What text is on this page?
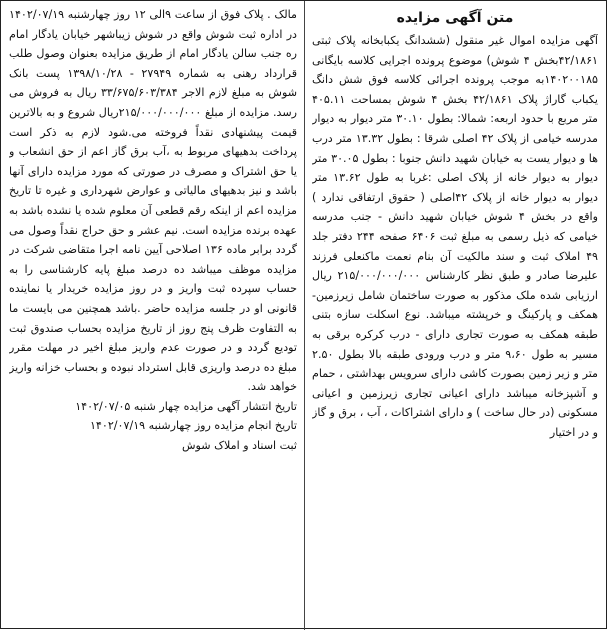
متن آگهی مزایده
آگهی مزایده اموال غیر منقول (ششدانگ یکبابخانه پلاک ثبتی ۴۲/۱۸۶۱بخش ۴ شوش) موضوع پرونده اجرایی کلاسه بایگانی ۱۴۰۲۰۰۱۸۵به موجب پرونده اجرائی کلاسه فوق شش دانگ یکباب گاراژ پلاک ۴۲/۱۸۶۱ بخش ۴ شوش بمساحت ۴۰۵.۱۱ متر مربع با حدود اربعه: شمالا: بطول ۳۰.۱۰ متر دیوار به دیوار مدرسه خیامی از پلاک ۴۲ اصلی شرقا : بطول ۱۳.۳۲ متر درب ها و دیوار یست به خیابان شهید دانش جنوبا : بطول ۳۰.۰۵ متر دیوار به دیوار خانه از پلاک اصلی :غربا به طول ۱۳.۶۲ متر دیوار به دیوار خانه از پلاک ۴۲اصلی ( حقوق ارتفاقی ندارد ) واقع در بخش ۴ شوش خیابان شهید دانش - جنب مدرسه خیامی که ذیل رسمی به مبلغ ثبت ۶۴۰۶ صفحه ۲۴۴ دفتر جلد ۴۹ املاک ثبت و سند مالکیت آن بنام نعمت ماکنعلی فرزند علیرضا صادر و طبق نظر کارشناس ۲۱۵/۰۰۰/۰۰۰/۰۰۰ ریال ارزیابی شده ملک مذکور به صورت ساختمان شامل زیرزمین- همکف و پارکینگ و خرپشته میباشد. نوع اسکلت سازه بتنی طبقه همکف به صورت تجاری دارای - درب کرکره برقی به مسیر به طول ۹،۶۰ متر و درب ورودی طبقه بالا بطول ۲.۵۰ متر و زیر زمین بصورت کاشی دارای سرویس بهداشتی ، حمام و آشپزخانه میباشد دارای اعیانی تجاری زیرزمین و اعیانی مسکونی (در حال ساخت ) و دارای اشتراکات ، آب ، برق و گاز و در اختیار
مالک . پلاک فوق از ساعت ۹الی ۱۲ روز چهارشنبه ۱۴۰۲/۰۷/۱۹ در اداره ثبت شوش واقع در شوش زیباشهر خیابان یادگار امام ره جنب سالن یادگار امام از طریق مزایده بعنوان وصول طلب قرارداد رهنی به شماره ۲۷۹۴۹ - ۱۳۹۸/۱۰/۲۸ پست بانک شوش به مبلغ لازم الاجر ۳۳/۶۷۵/۶۰۳/۳۸۴ ریال به فروش می رسد. مزایده از مبلغ ۲۱۵/۰۰۰/۰۰۰/۰۰۰ریال شروع و به بالاترین قیمت پیشنهادی نقداً فروخته می.شود لازم به ذکر است پرداخت بدهیهای مربوط به ،آب برق گاز اعم از حق انشعاب و یا حق اشتراک و مصرف در صورتی که مورد مزایده دارای آنها باشد و نیز بدهیهای مالیاتی و عوارض شهرداری و غیره تا تاریخ مزایده اعم از اینکه رقم قطعی آن معلوم شده یا نشده باشد به عهده برنده مزایده است. نیم عشر و حق حراج نقداً وصول می گردد برابر ماده ۱۳۶ اصلاحی آیین نامه اجرا متقاضی شرکت در مزایده موظف میباشد ده درصد مبلغ پایه کارشناسی را به حساب سپرده ثبت واریز و در روز مزایده خریدار یا نماینده قانونی او در جلسه مزایده حاضر .باشد همچنین می بایست ما به التفاوت ظرف پنج روز از تاریخ مزایده بحساب صندوق ثبت تودیع گردد و در صورت عدم واریز مبلغ اخیر در مهلت مقرر مبلغ ده درصد واریزی قابل استرداد نبوده و بحساب خزانه واریز خواهد شد.
تاریخ انتشار آگهی مزایده چهار شنبه ۱۴۰۲/۰۷/۰۵
تاریخ انجام مزایده روز چهارشنبه ۱۴۰۲/۰۷/۱۹
ثبت اسناد و املاک شوش
